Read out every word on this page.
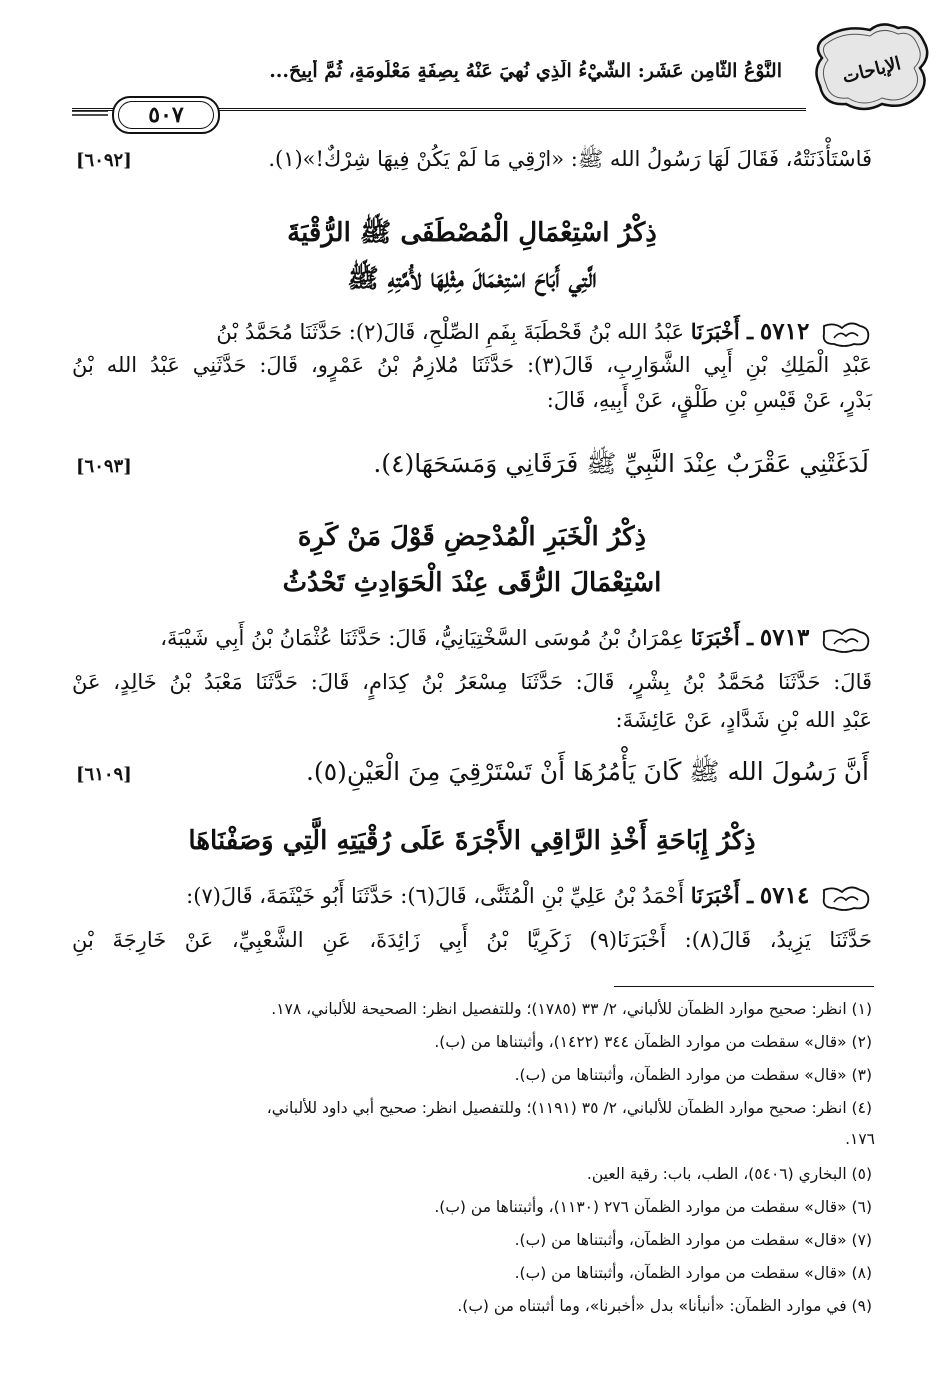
الإباحات
النَّوْعُ الثَّامِن عَشَر: الشَّيْءُ الَّذِي نُهِيَ عَنْهُ بِصِفَةٍ مَعْلُومَةٍ، ثُمَّ أُبِيحَ...
٥٠٧
فَاسْتَأْذَنَتْهُ، فَقَالَ لَهَا رَسُولُ الله ﷺ: «ارْقِي مَا لَمْ يَكُنْ فِيهَا شِرْكٌ!»(١).
[٦٠٩٢]
ذِكْرُ اسْتِعْمَالِ الْمُصْطَفَى ﷺ الرُّقْيَةَ
الَّتِي أَبَاحَ اسْتِعْمَالَ مِثْلِهَا لأُمَّتِهِ ﷺ
٥٧١٢ ـ أَخْبَرَنَا عَبْدُ الله بْنُ قَحْطَبَةَ بِفَمِ الصِّلْحِ، قَالَ(٢): حَدَّثَنَا مُحَمَّدُ بْنُ
عَبْدِ الْمَلِكِ بْنِ أَبِي الشَّوَارِبِ، قَالَ(٣): حَدَّثَنَا مُلازِمُ بْنُ عَمْرٍو، قَالَ: حَدَّثَنِي عَبْدُ الله بْنُ
بَدْرٍ، عَنْ قَيْسِ بْنِ طَلْقٍ، عَنْ أَبِيهِ، قَالَ:
لَدَغَتْنِي عَقْرَبٌ عِنْدَ النَّبِيِّ ﷺ فَرَقَانِي وَمَسَحَهَا(٤).
[٦٠٩٣]
ذِكْرُ الْخَبَرِ الْمُدْحِضِ قَوْلَ مَنْ كَرِهَ
اسْتِعْمَالَ الرُّقَى عِنْدَ الْحَوَادِثِ تَحْدُثُ
٥٧١٣ ـ أَخْبَرَنَا عِمْرَانُ بْنُ مُوسَى السَّخْتِيَانِيُّ، قَالَ: حَدَّثَنَا عُثْمَانُ بْنُ أَبِي شَيْبَةَ،
قَالَ: حَدَّثَنَا مُحَمَّدُ بْنُ بِشْرٍ، قَالَ: حَدَّثَنَا مِسْعَرُ بْنُ كِدَامٍ، قَالَ: حَدَّثَنَا مَعْبَدُ بْنُ خَالِدٍ، عَنْ
عَبْدِ الله بْنِ شَدَّادٍ، عَنْ عَائِشَةَ:
أَنَّ رَسُولَ الله ﷺ كَانَ يَأْمُرُهَا أَنْ تَسْتَرْقِيَ مِنَ الْعَيْنِ(٥).
[٦١٠٩]
ذِكْرُ إِبَاحَةِ أَخْذِ الرَّاقِي الأَجْرَةَ عَلَى رُقْيَتِهِ الَّتِي وَصَفْنَاهَا
٥٧١٤ ـ أَخْبَرَنَا أَحْمَدُ بْنُ عَلِيِّ بْنِ الْمُثَنَّى، قَالَ(٦): حَدَّثَنَا أَبُو خَيْثَمَةَ، قَالَ(٧):
حَدَّثَنَا يَزِيدُ، قَالَ(٨): أَخْبَرَنَا(٩) زَكَرِيَّا بْنُ أَبِي زَائِدَةَ، عَنِ الشَّعْبِيِّ، عَنْ خَارِجَةَ بْنِ
(١) انظر: صحيح موارد الظمآن للألباني، ٢/ ٣٣ (١٧٨٥)؛ وللتفصيل انظر: الصحيحة للألباني، ١٧٨.
(٢) «قال» سقطت من موارد الظمآن ٣٤٤ (١٤٢٢)، وأثبتناها من (ب).
(٣) «قال» سقطت من موارد الظمآن، وأثبتناها من (ب).
(٤) انظر: صحيح موارد الظمآن للألباني، ٢/ ٣٥ (١١٩١)؛ وللتفصيل انظر: صحيح أبي داود للألباني،
١٧٦.
(٥) البخاري (٥٤٠٦)، الطب، باب: رقية العين.
(٦) «قال» سقطت من موارد الظمآن ٢٧٦ (١١٣٠)، وأثبتناها من (ب).
(٧) «قال» سقطت من موارد الظمآن، وأثبتناها من (ب).
(٨) «قال» سقطت من موارد الظمآن، وأثبتناها من (ب).
(٩) في موارد الظمآن: «أنبأنا» بدل «أخبرنا»، وما أثبتناه من (ب).
